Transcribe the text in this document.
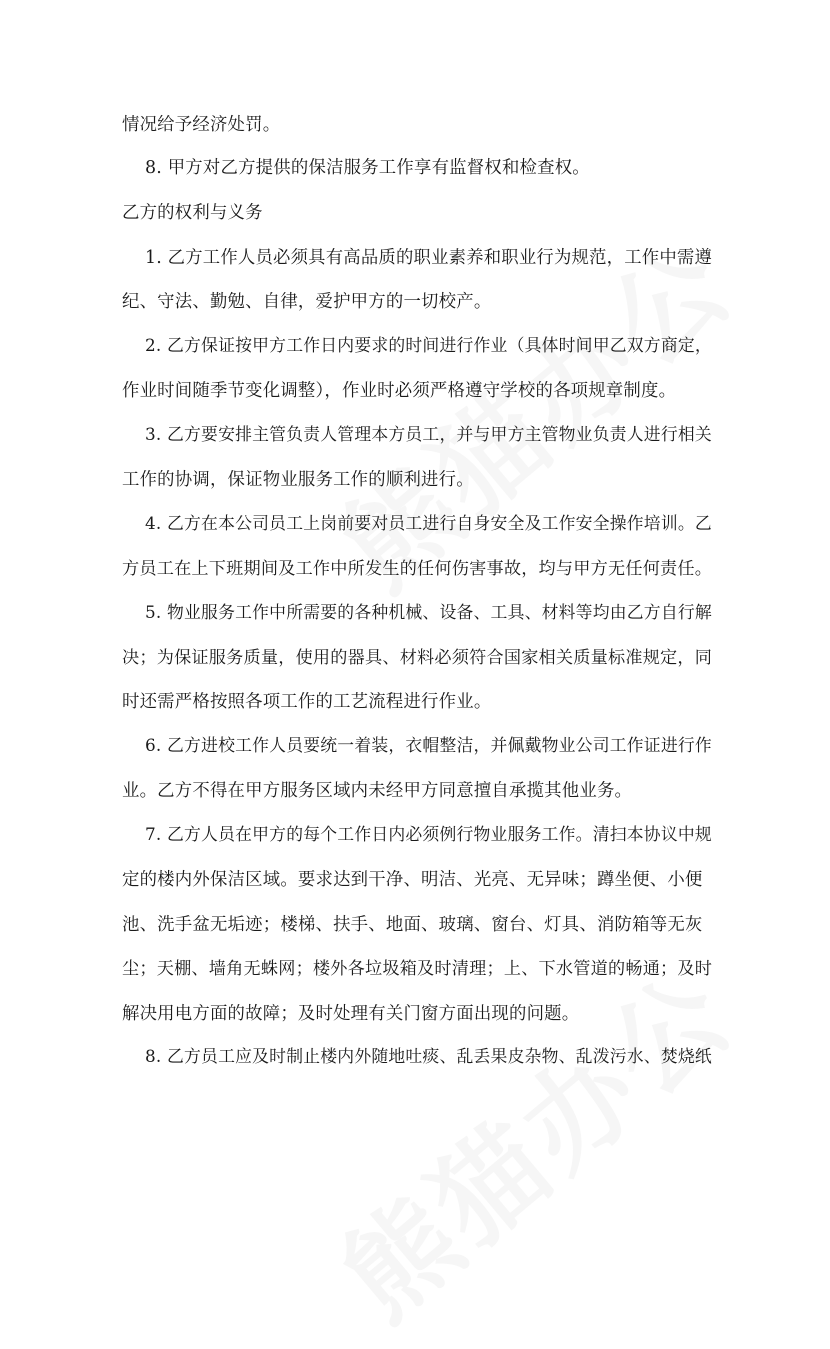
情况给予经济处罚。
8. 甲方对乙方提供的保洁服务工作享有监督权和检查权。
乙方的权利与义务
1. 乙方工作人员必须具有高品质的职业素养和职业行为规范，工作中需遵
纪、守法、勤勉、自律，爱护甲方的一切校产。
2. 乙方保证按甲方工作日内要求的时间进行作业（具体时间甲乙双方商定，
作业时间随季节变化调整），作业时必须严格遵守学校的各项规章制度。
3. 乙方要安排主管负责人管理本方员工，并与甲方主管物业负责人进行相关
工作的协调，保证物业服务工作的顺利进行。
4. 乙方在本公司员工上岗前要对员工进行自身安全及工作安全操作培训。乙
方员工在上下班期间及工作中所发生的任何伤害事故，均与甲方无任何责任。
5. 物业服务工作中所需要的各种机械、设备、工具、材料等均由乙方自行解
决；为保证服务质量，使用的器具、材料必须符合国家相关质量标准规定，同
时还需严格按照各项工作的工艺流程进行作业。
6. 乙方进校工作人员要统一着装，衣帽整洁，并佩戴物业公司工作证进行作
业。乙方不得在甲方服务区域内未经甲方同意擅自承揽其他业务。
7. 乙方人员在甲方的每个工作日内必须例行物业服务工作。清扫本协议中规
定的楼内外保洁区域。要求达到干净、明洁、光亮、无异味；蹲坐便、小便
池、洗手盆无垢迹；楼梯、扶手、地面、玻璃、窗台、灯具、消防箱等无灰
尘；天棚、墙角无蛛网；楼外各垃圾箱及时清理；上、下水管道的畅通；及时
解决用电方面的故障；及时处理有关门窗方面出现的问题。
8. 乙方员工应及时制止楼内外随地吐痰、乱丢果皮杂物、乱泼污水、焚烧纸
